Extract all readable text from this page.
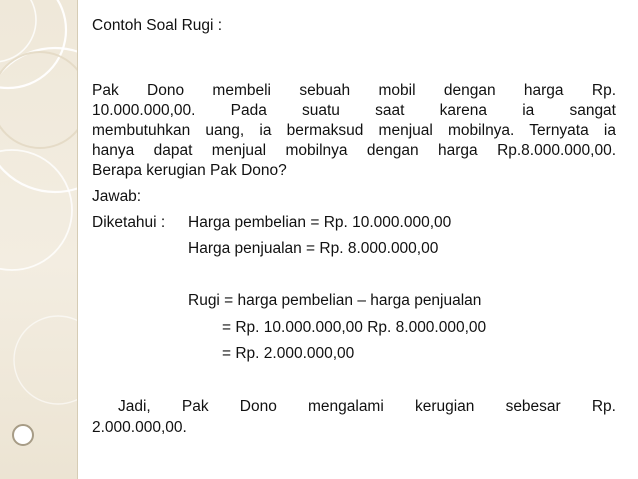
Contoh Soal Rugi :
Pak Dono membeli sebuah mobil dengan harga Rp.
10.000.000,00. Pada suatu saat karena ia sangat
membutuhkan uang, ia bermaksud menjual mobilnya. Ternyata ia
hanya dapat menjual mobilnya dengan harga Rp.8.000.000,00.
Berapa kerugian Pak Dono?
Jawab:
Diketahui : Harga pembelian = Rp. 10.000.000,00
Harga penjualan = Rp. 8.000.000,00
Rugi = harga pembelian – harga penjualan
= Rp. 10.000.000,00 Rp. 8.000.000,00
= Rp. 2.000.000,00
Jadi, Pak Dono mengalami kerugian sebesar Rp.
2.000.000,00.
